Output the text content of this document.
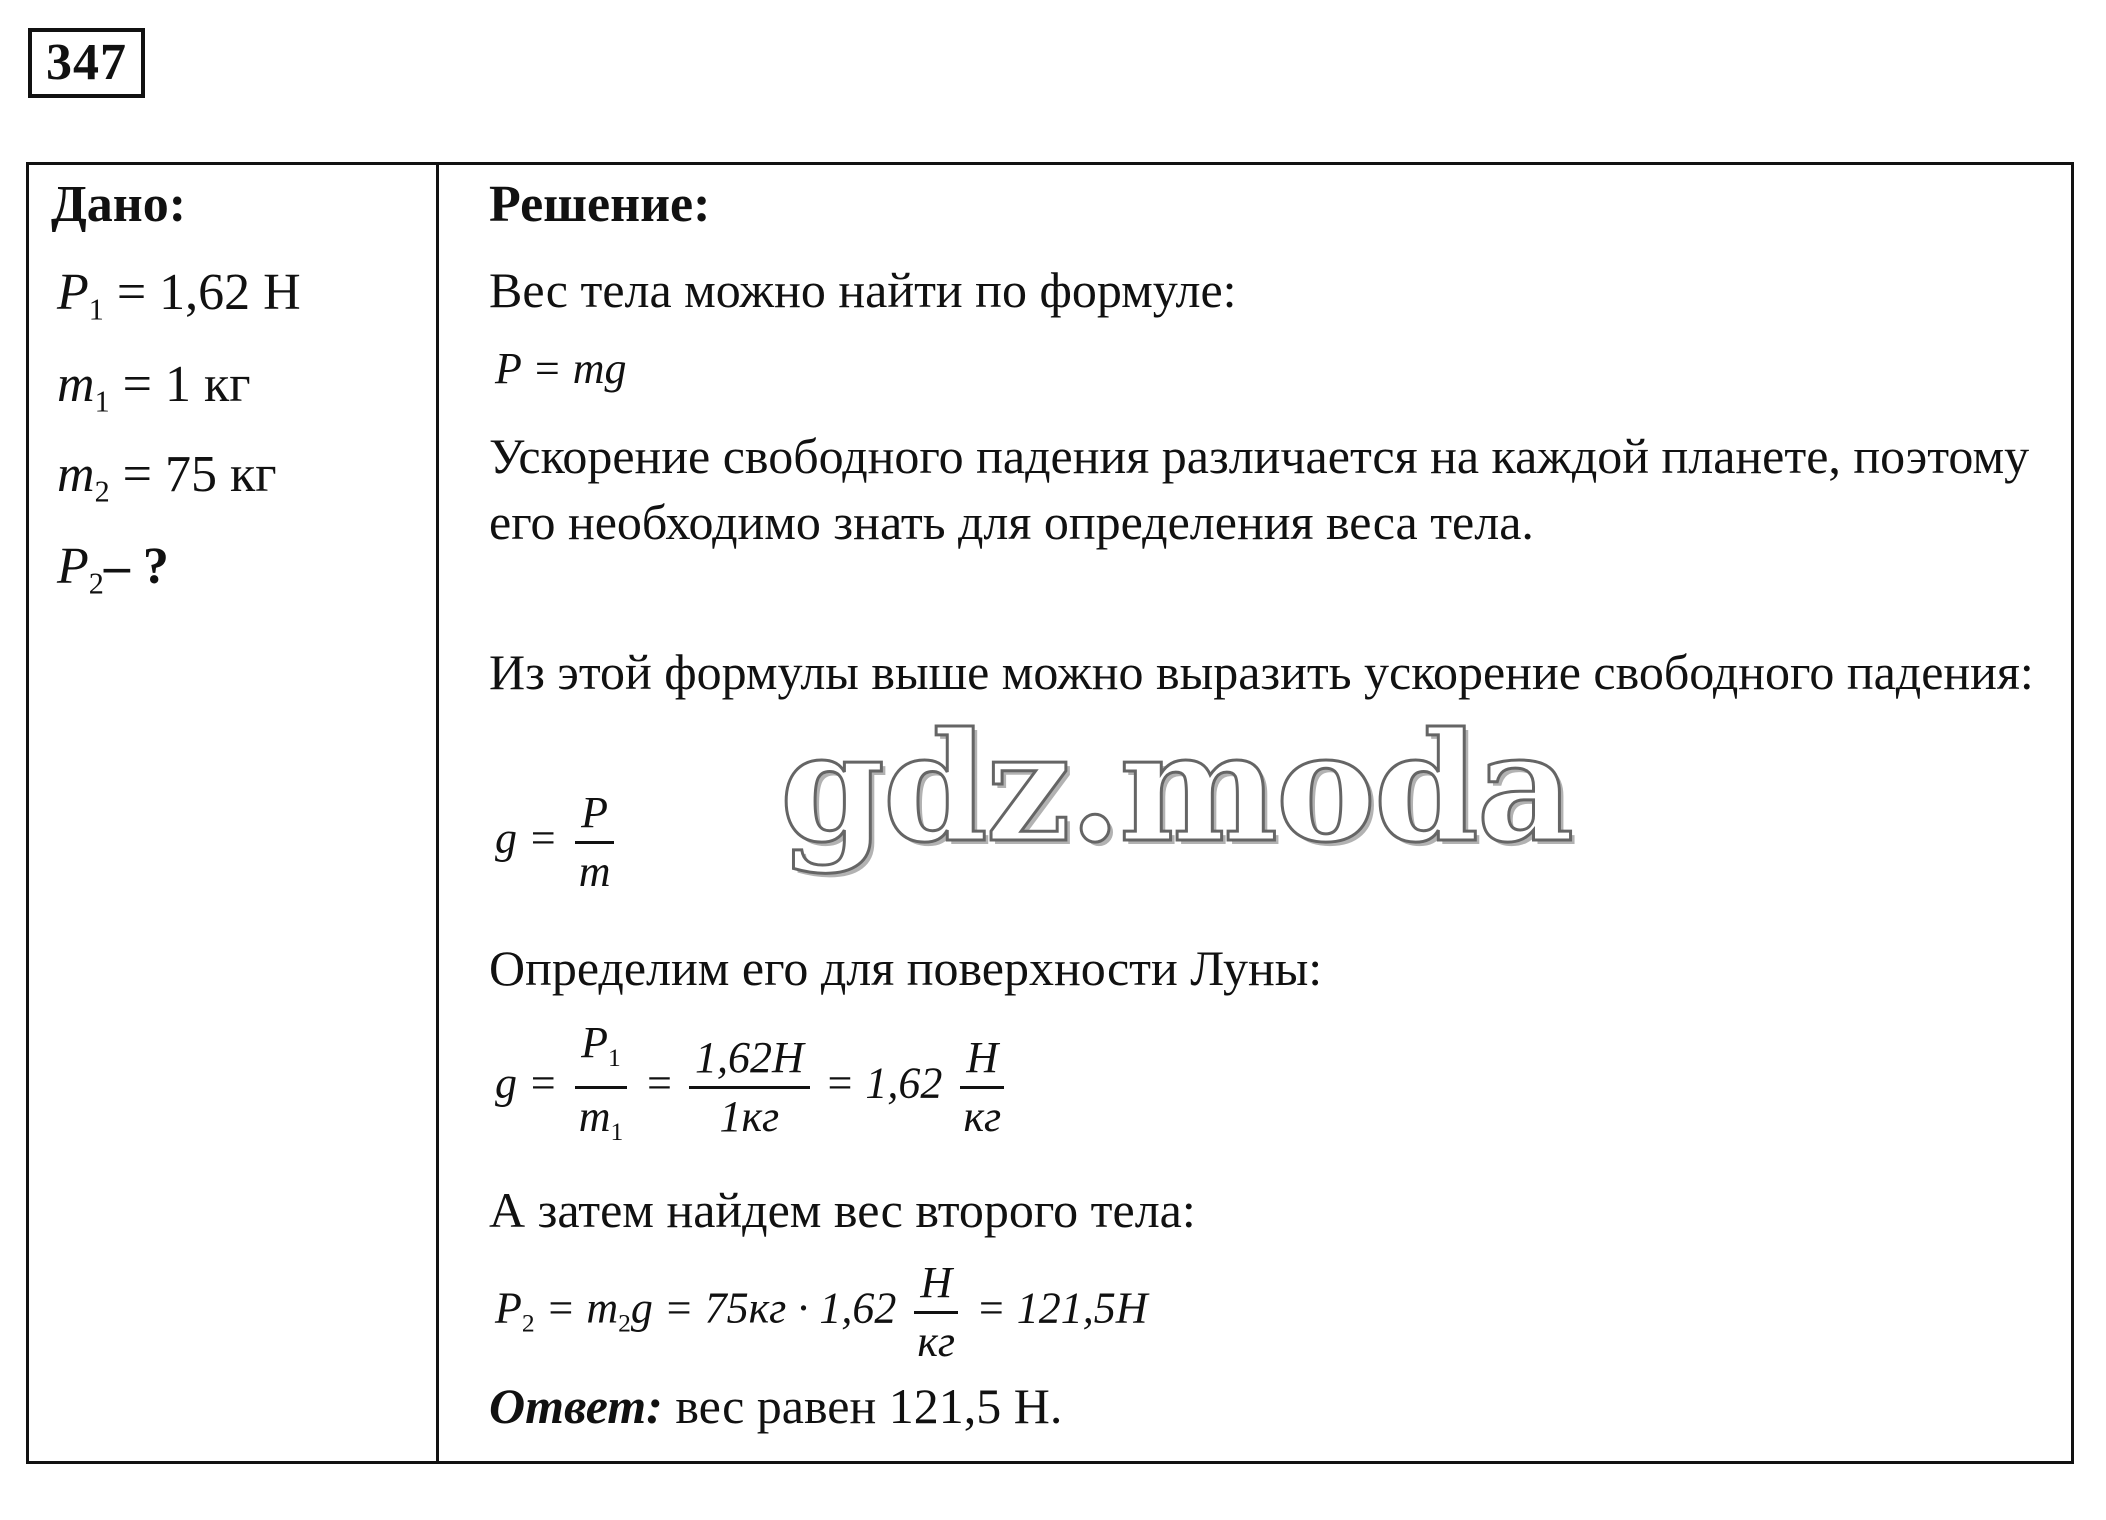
347
Дано:
$P_1 = 1,62$ Н
$m_1 = 1$ кг
$m_2 = 75$ кг
$P_2-$ ?
Решение:
Вес тела можно найти по формуле:
P = mg
Ускорение свободного падения различается на каждой планете, поэтому его необходимо знать для определения веса тела.
Из этой формулы выше можно выразить ускорение свободного падения:
$g = \frac{P}{m}$
Определим его для поверхности Луны:
$g = \frac{P_1}{m_1} = \frac{1,62Н}{1кг} = 1,62 \frac{Н}{кг}$
А затем найдем вес второго тела:
$P_2 = m_2g = 75кг \cdot 1,62 \frac{Н}{кг} = 121,5Н$
Ответ: вес равен 121,5 Н.
gdz.moda
